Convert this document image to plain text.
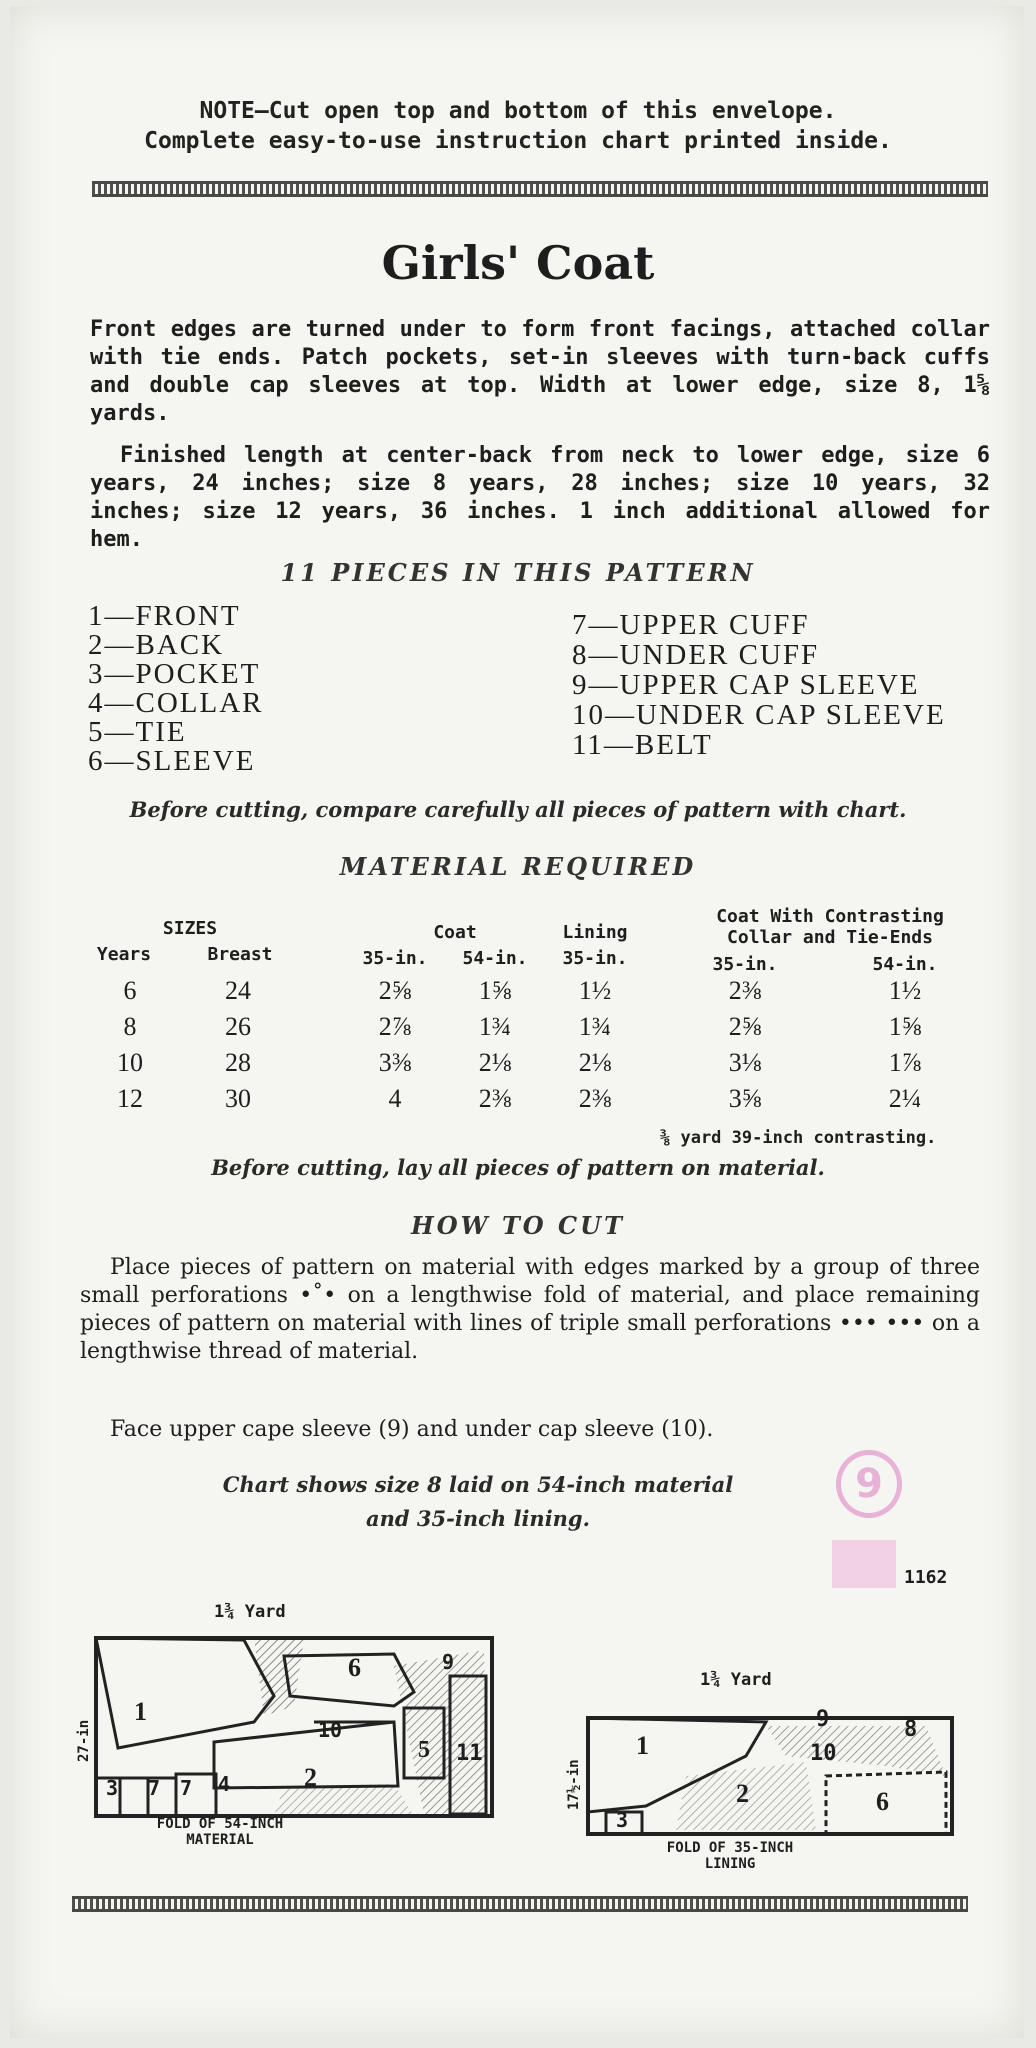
NOTE—Cut open top and bottom of this envelope.
Complete easy-to-use instruction chart printed inside.
Girls' Coat
Front edges are turned under to form front facings, attached collar with tie ends. Patch pockets, set-in sleeves with turn-back cuffs and double cap sleeves at top. Width at lower edge, size 8, 1⅝ yards.
Finished length at center-back from neck to lower edge, size 6 years, 24 inches; size 8 years, 28 inches; size 10 years, 32 inches; size 12 years, 36 inches. 1 inch additional allowed for hem.
11 PIECES IN THIS PATTERN
1—FRONT
2—BACK
3—POCKET
4—COLLAR
5—TIE
6—SLEEVE
7—UPPER CUFF
8—UNDER CUFF
9—UPPER CAP SLEEVE
10—UNDER CAP SLEEVE
11—BELT
Before cutting, compare carefully all pieces of pattern with chart.
MATERIAL REQUIRED
SIZES
Years	Breast
Coat	Lining
Coat With Contrasting
Collar and Tie-Ends
35-in.	54-in.	35-in.	35-in.	54-in.
6	24	2⅝	1⅝	1½	2⅜	1½
8	26	2⅞	1¾	1¾	2⅝	1⅝
10	28	3⅜	2⅛	2⅛	3⅛	1⅞
12	30	4	2⅜	2⅜	3⅝	2¼
⅜ yard 39-inch contrasting.
Before cutting, lay all pieces of pattern on material.
HOW TO CUT
Place pieces of pattern on material with edges marked by a group of three small perforations •˚• on a lengthwise fold of material, and place remaining pieces of pattern on material with lines of triple small perforations ••• ••• on a lengthwise thread of material.
Face upper cape sleeve (9) and under cap sleeve (10).
Chart shows size 8 laid on 54-inch material
and 35-inch lining.
9
1162
1¾ Yard
27-in
1
2
3	4
5
6
7 7
9
10
11
FOLD OF 54-INCH
MATERIAL
1¾ Yard
17½-in
1
2
3
6
8
9
10
FOLD OF 35-INCH
LINING
